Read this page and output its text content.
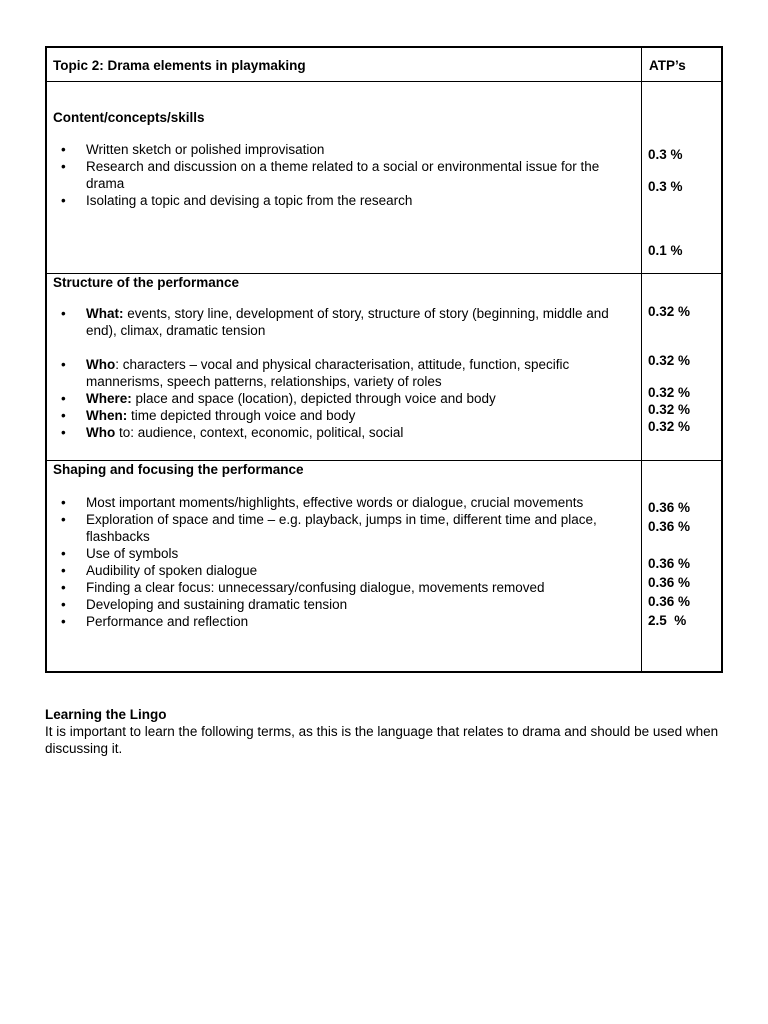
Topic 2: Drama elements in playmaking	ATP’s
Content/concepts/skills
• Written sketch or polished improvisation
• Research and discussion on a theme related to a social or environmental issue for the drama
• Isolating a topic and devising a topic from the research
0.3 %
0.3 %
0.1 %
Structure of the performance
• What: events, story line, development of story, structure of story (beginning, middle and end), climax, dramatic tension
• Who: characters – vocal and physical characterisation, attitude, function, specific mannerisms, speech patterns, relationships, variety of roles
• Where: place and space (location), depicted through voice and body
• When: time depicted through voice and body
• Who to: audience, context, economic, political, social
0.32 %
0.32 %
0.32 %
0.32 %
0.32 %
Shaping and focusing the performance
• Most important moments/highlights, effective words or dialogue, crucial movements
• Exploration of space and time – e.g. playback, jumps in time, different time and place, flashbacks
• Use of symbols
• Audibility of spoken dialogue
• Finding a clear focus: unnecessary/confusing dialogue, movements removed
• Developing and sustaining dramatic tension
• Performance and reflection
0.36 %
0.36 %
0.36 %
0.36 %
0.36 %
2.5  %
Learning the Lingo
It is important to learn the following terms, as this is the language that relates to drama and should be used when discussing it.
